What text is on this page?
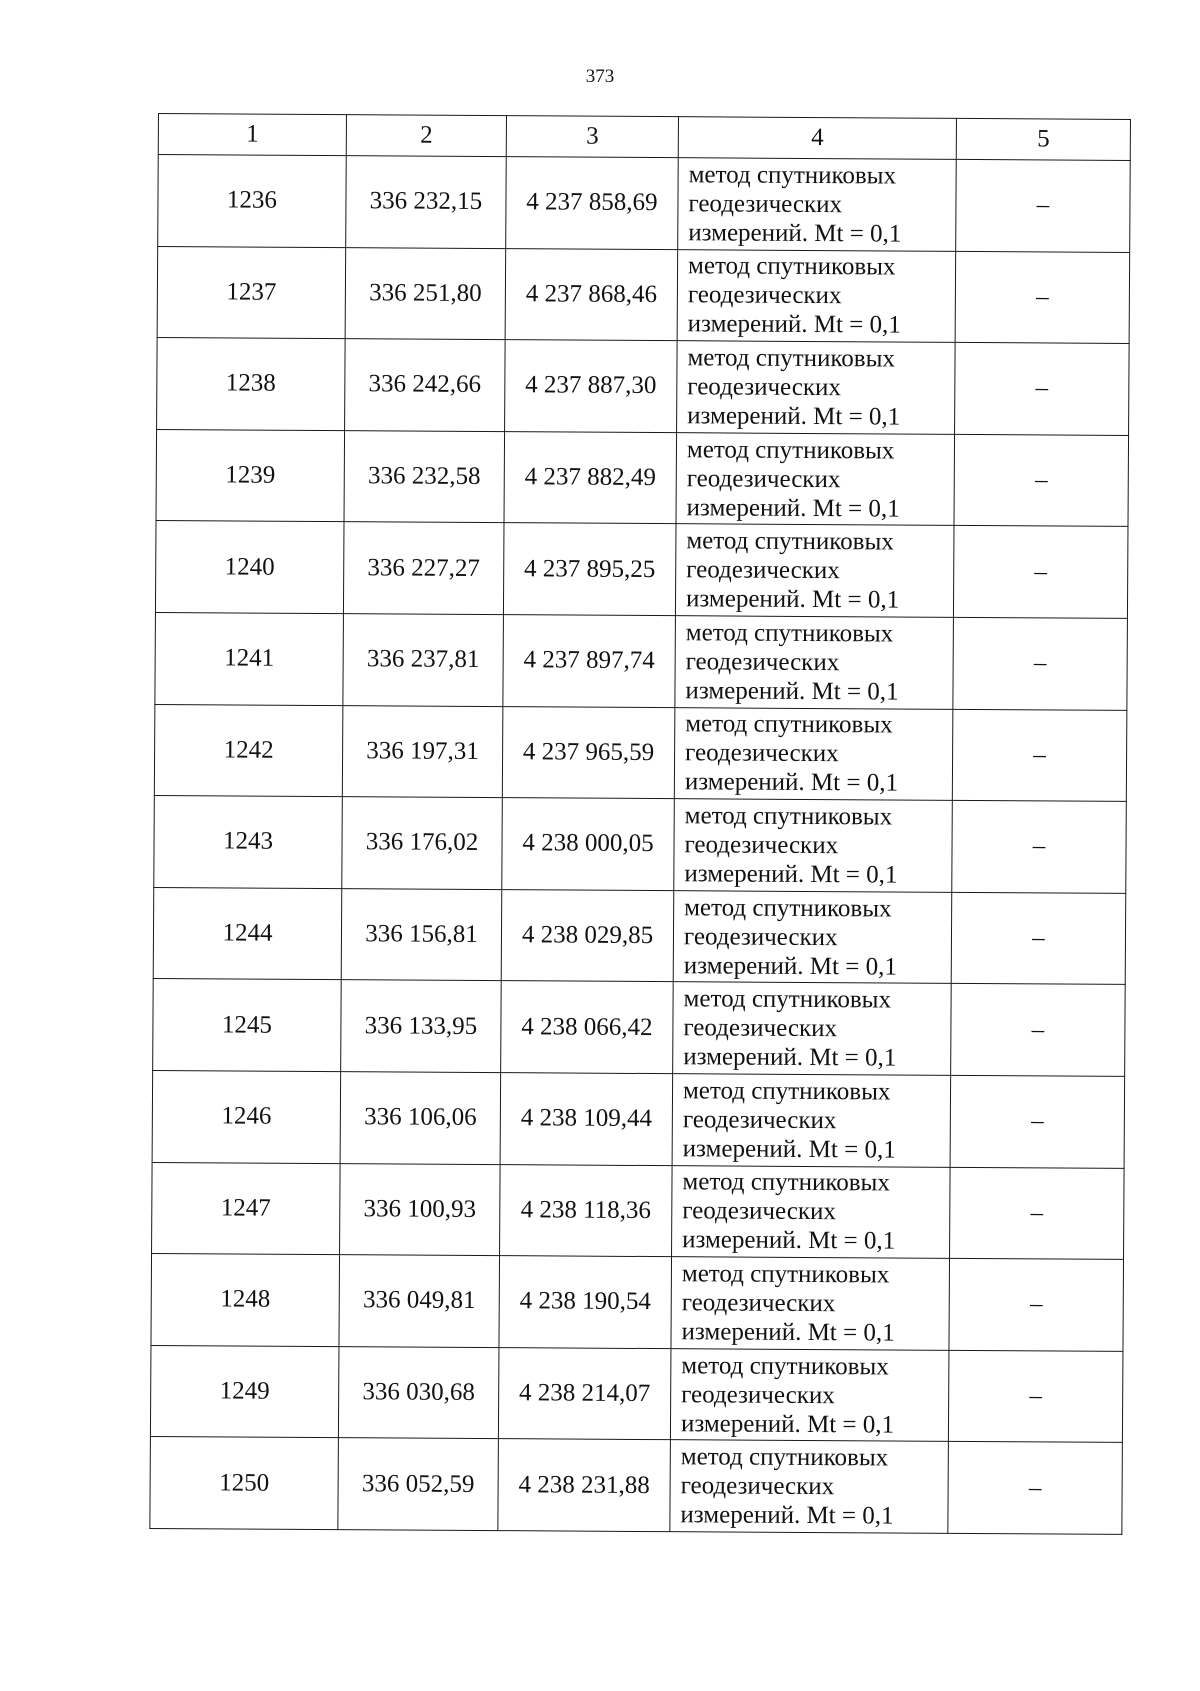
373
1	2	3	4	5
1236	336 232,15	4 237 858,69	метод спутниковых
геодезических
измерений. Mt = 0,1	–
1237	336 251,80	4 237 868,46	метод спутниковых
геодезических
измерений. Mt = 0,1	–
1238	336 242,66	4 237 887,30	метод спутниковых
геодезических
измерений. Mt = 0,1	–
1239	336 232,58	4 237 882,49	метод спутниковых
геодезических
измерений. Mt = 0,1	–
1240	336 227,27	4 237 895,25	метод спутниковых
геодезических
измерений. Mt = 0,1	–
1241	336 237,81	4 237 897,74	метод спутниковых
геодезических
измерений. Mt = 0,1	–
1242	336 197,31	4 237 965,59	метод спутниковых
геодезических
измерений. Mt = 0,1	–
1243	336 176,02	4 238 000,05	метод спутниковых
геодезических
измерений. Mt = 0,1	–
1244	336 156,81	4 238 029,85	метод спутниковых
геодезических
измерений. Mt = 0,1	–
1245	336 133,95	4 238 066,42	метод спутниковых
геодезических
измерений. Mt = 0,1	–
1246	336 106,06	4 238 109,44	метод спутниковых
геодезических
измерений. Mt = 0,1	–
1247	336 100,93	4 238 118,36	метод спутниковых
геодезических
измерений. Mt = 0,1	–
1248	336 049,81	4 238 190,54	метод спутниковых
геодезических
измерений. Mt = 0,1	–
1249	336 030,68	4 238 214,07	метод спутниковых
геодезических
измерений. Mt = 0,1	–
1250	336 052,59	4 238 231,88	метод спутниковых
геодезических
измерений. Mt = 0,1	–
